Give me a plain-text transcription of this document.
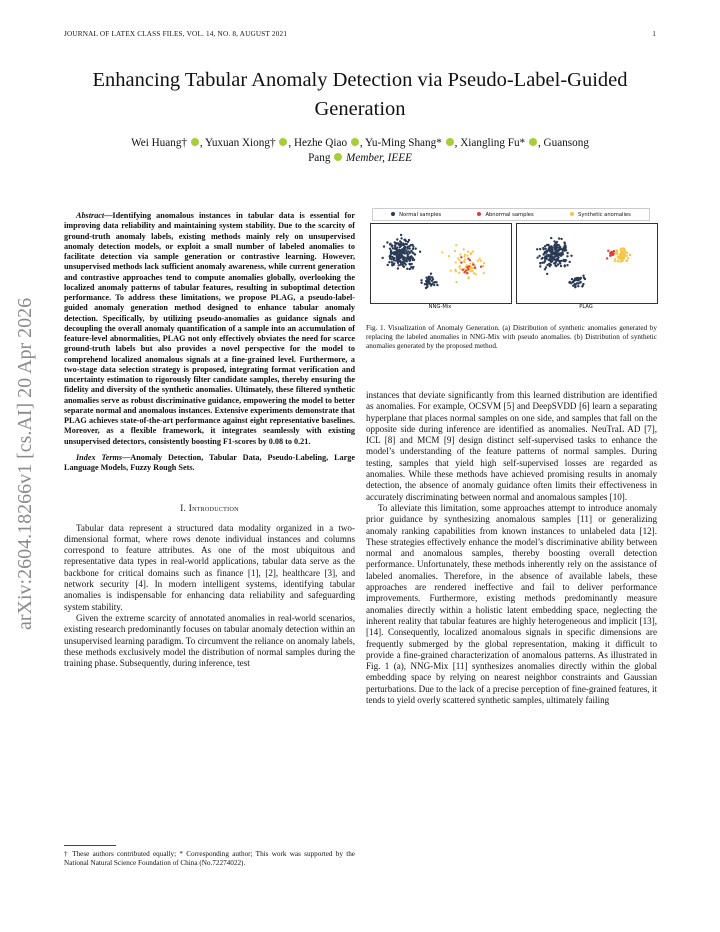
JOURNAL OF LATEX CLASS FILES, VOL. 14, NO. 8, AUGUST 2021	1
arXiv:2604.18266v1 [cs.AI] 20 Apr 2026
Enhancing Tabular Anomaly Detection via Pseudo-Label-Guided Generation
Wei Huang† , Yuxuan Xiong† , Hezhe Qiao , Yu-Ming Shang* , Xiangling Fu* , Guansong
Pang Member, IEEE

Abstract—Identifying anomalous instances in tabular data is essential for improving data reliability and maintaining system stability. Due to the scarcity of ground-truth anomaly labels, existing methods mainly rely on unsupervised anomaly detection models, or exploit a small number of labeled anomalies to facilitate detection via sample generation or contrastive learning. However, unsupervised methods lack sufficient anomaly awareness, while current generation and contrastive approaches tend to compute anomalies globally, overlooking the localized anomaly patterns of tabular features, resulting in suboptimal detection performance. To address these limitations, we propose PLAG, a pseudo-label-guided anomaly generation method designed to enhance tabular anomaly detection. Specifically, by utilizing pseudo-anomalies as guidance signals and decoupling the overall anomaly quantification of a sample into an accumulation of feature-level abnormalities, PLAG not only effectively obviates the need for scarce ground-truth labels but also provides a novel perspective for the model to comprehend localized anomalous signals at a fine-grained level. Furthermore, a two-stage data selection strategy is proposed, integrating format verification and uncertainty estimation to rigorously filter candidate samples, thereby ensuring the fidelity and diversity of the synthetic anomalies. Ultimately, these filtered synthetic anomalies serve as robust discriminative guidance, empowering the model to better separate normal and anomalous instances. Extensive experiments demonstrate that PLAG achieves state-of-the-art performance against eight representative baselines. Moreover, as a flexible framework, it integrates seamlessly with existing unsupervised detectors, consistently boosting F1-scores by 0.08 to 0.21.

Index Terms—Anomaly Detection, Tabular Data, Pseudo-Labeling, Large Language Models, Fuzzy Rough Sets.

I. Introduction

Tabular data represent a structured data modality organized in a two-dimensional format, where rows denote individual instances and columns correspond to feature attributes. As one of the most ubiquitous and representative data types in real-world applications, tabular data serve as the backbone for critical domains such as finance [1], [2], healthcare [3], and network security [4]. In modern intelligent systems, identifying tabular anomalies is indispensable for enhancing data reliability and safeguarding system stability.

Given the extreme scarcity of annotated anomalies in real-world scenarios, existing research predominantly focuses on tabular anomaly detection within an unsupervised learning paradigm. To circumvent the reliance on anomaly labels, these methods exclusively model the distribution of normal samples during the training phase. Subsequently, during inference, test

† These authors contributed equally; * Corresponding author; This work was supported by the National Natural Science Foundation of China (No.72274022).
Normal samples	Abnormal samples	Synthetic anomalies
NNG-Mix	PLAG
Fig. 1. Visualization of Anomaly Generation. (a) Distribution of synthetic anomalies generated by replacing the labeled anomalies in NNG-Mix with pseudo anomalies. (b) Distribution of synthetic anomalies generated by the proposed method.

instances that deviate significantly from this learned distribution are identified as anomalies. For example, OCSVM [5] and DeepSVDD [6] learn a separating hyperplane that places normal samples on one side, and samples that fall on the opposite side during inference are identified as anomalies. NeuTraL AD [7], ICL [8] and MCM [9] design distinct self-supervised tasks to enhance the model’s understanding of the feature patterns of normal samples. During testing, samples that yield high self-supervised losses are regarded as anomalies. While these methods have achieved promising results in anomaly detection, the absence of anomaly guidance often limits their effectiveness in accurately discriminating between normal and anomalous samples [10].

To alleviate this limitation, some approaches attempt to introduce anomaly prior guidance by synthesizing anomalous samples [11] or generalizing anomaly ranking capabilities from known instances to unlabeled data [12]. These strategies effectively enhance the model’s discriminative ability between normal and anomalous samples, thereby boosting overall detection performance. Unfortunately, these methods inherently rely on the assistance of labeled anomalies. Therefore, in the absence of available labels, these approaches are rendered ineffective and fail to deliver performance improvements. Furthermore, existing methods predominantly measure anomalies directly within a holistic latent embedding space, neglecting the inherent reality that tabular features are highly heterogeneous and implicit [13], [14]. Consequently, localized anomalous signals in specific dimensions are frequently submerged by the global representation, making it difficult to provide a fine-grained characterization of anomalous patterns. As illustrated in Fig. 1 (a), NNG-Mix [11] synthesizes anomalies directly within the global embedding space by relying on nearest neighbor constraints and Gaussian perturbations. Due to the lack of a precise perception of fine-grained features, it tends to yield overly scattered synthetic samples, ultimately failing
